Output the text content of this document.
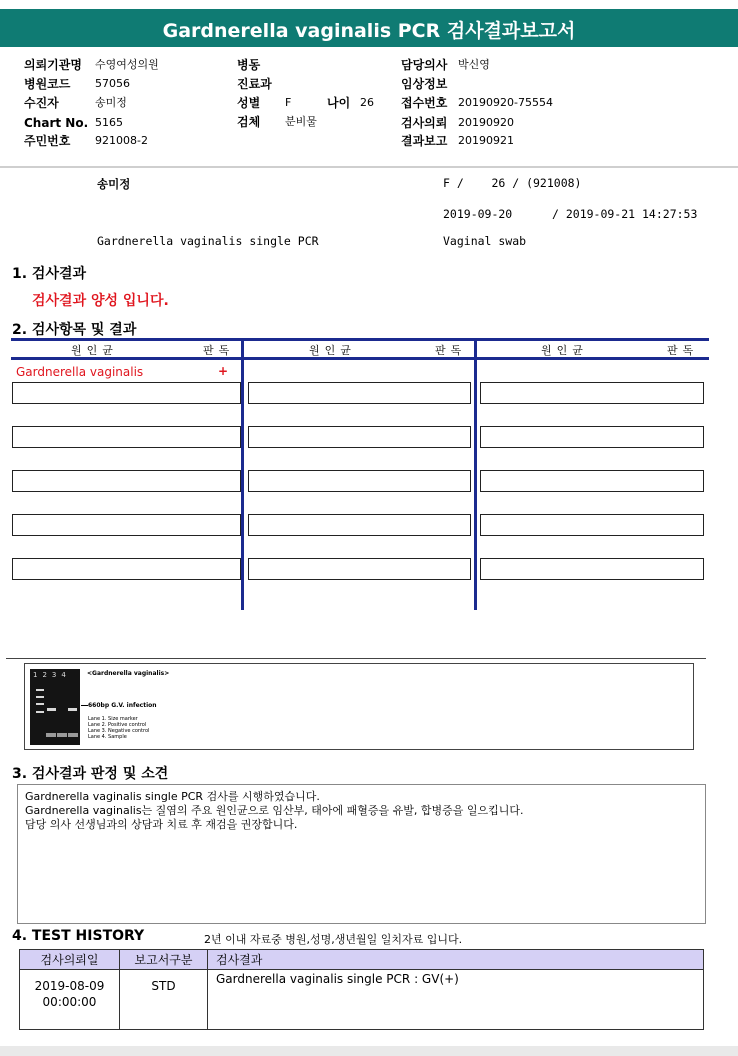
Gardnerella vaginalis PCR 검사결과보고서
의뢰기관명 수영여성의원
병원코드 57056
수진자	송미정
Chart No. 5165
주민번호 921008-2
병동
진료과
성별 F	나이 26
검체 분비물
담당의사 박신영
임상정보
접수번호 20190920-75554
검사의뢰 20190920
결과보고 20190921
송미정	F /    26 / (921008)
2019-09-20	/ 2019-09-21 14:27:53
Gardnerella vaginalis single PCR	Vaginal swab
1. 검사결과
검사결과 양성 입니다.
2. 검사항목 및 결과
원인균	판독	원인균	판독	원인균	판독
Gardnerella vaginalis	+
1234	<Gardnerella vaginalis>
660bp G.V. infection
Lane 1. Size marker
Lane 2. Positive control
Lane 3. Negative control
Lane 4. Sample
3. 검사결과 판정 및 소견
Gardnerella vaginalis single PCR 검사를 시행하였습니다.
Gardnerella vaginalis는 질염의 주요 원인균으로 임산부, 태아에 패혈증을 유발, 합병증을 일으킵니다.
담당 의사 선생님과의 상담과 치료 후 재검을 권장합니다.
4. TEST HISTORY	2년 이내 자료중 병원,성명,생년월일 일치자료 입니다.
검사의뢰일	보고서구분	검사결과

2019-08-09
00:00:00	STD	Gardnerella vaginalis single PCR : GV(+)
